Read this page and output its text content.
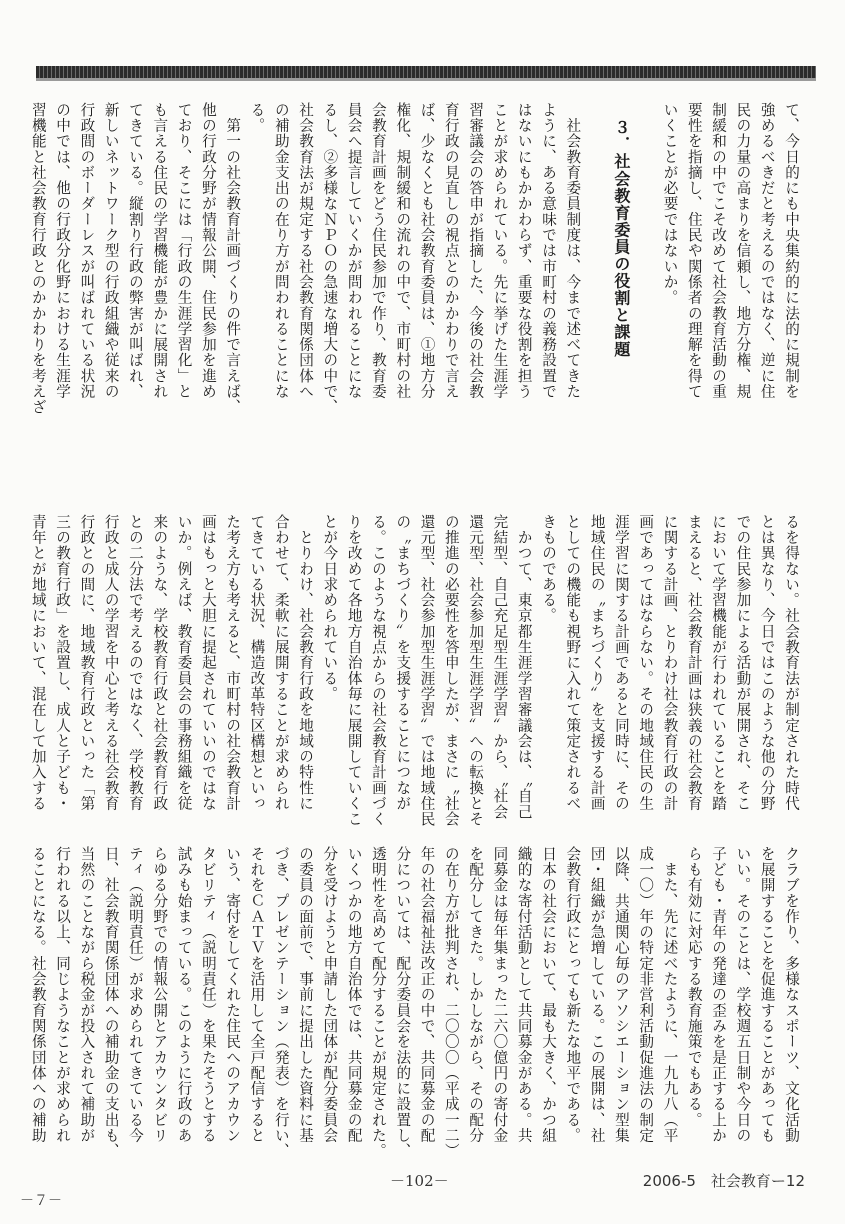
て、今日的にも中央集約的に法的に規制を
強めるべきだと考えるのではなく、逆に住
民の力量の高まりを信頼し、地方分権、規
制緩和の中でこそ改めて社会教育活動の重
要性を指摘し、住民や関係者の理解を得て
いくことが必要ではないか。

　３．社会教育委員の役割と課題

　社会教育委員制度は、今まで述べてきた
ように、ある意味では市町村の義務設置で
はないにもかかわらず、重要な役割を担う
ことが求められている。先に挙げた生涯学
習審議会の答申が指摘した、今後の社会教
育行政の見直しの視点とのかかわりで言え
ば、少なくとも社会教育委員は、①地方分
権化、規制緩和の流れの中で、市町村の社
会教育計画をどう住民参加で作り、教育委
員会へ提言していくかが問われることにな
るし、②多様なＮＰＯの急速な増大の中で、
社会教育法が規定する社会教育関係団体へ
の補助金支出の在り方が問われることにな
る。
　第一の社会教育計画づくりの件で言えば、
他の行政分野が情報公開、住民参加を進め
ており、そこには「行政の生涯学習化」と
も言える住民の学習機能が豊かに展開され
てきている。縦割り行政の弊害が叫ばれ、
新しいネットワーク型の行政組織や従来の
行政間のボーダーレスが叫ばれている状況
の中では、他の行政分化野における生涯学
習機能と社会教育行政とのかかわりを考えざ
るを得ない。社会教育法が制定された時代
とは異なり、今日ではこのような他の分野
での住民参加による活動が展開され、そこ
において学習機能が行われていることを踏
まえると、社会教育計画は狭義の社会教育
に関する計画、とりわけ社会教育行政の計
画であってはならない。その地域住民の生
涯学習に関する計画であると同時に、その
地域住民の〝まちづくり〟を支援する計画
としての機能も視野に入れて策定されるべ
きものである。
　かつて、東京都生涯学習審議会は、〝自己
完結型、自己充足型生涯学習〟から、〝社会
還元型、社会参加型生涯学習〟への転換とそ
の推進の必要性を答申したが、まさに〝社会
還元型、社会参加型生涯学習〟では地域住民
の〝まちづくり〟を支援することにつなが
る。このような視点からの社会教育計画づく
りを改めて各地方自治体毎に展開していくこ
とが今日求められている。
　とりわけ、社会教育行政を地域の特性に
合わせて、柔軟に展開することが求められ
てきている状況、構造改革特区構想といっ
た考え方も考えると、市町村の社会教育計
画はもっと大胆に提起されていいのではな
いか。例えば、教育委員会の事務組織を従
来のような、学校教育行政と社会教育行政
との二分法で考えるのではなく、学校教育
行政と成人の学習を中心と考える社会教育
行政との間に、地域教育行政といった「第
三の教育行政」を設置し、成人と子ども・
青年とが地域において、混在して加入する
クラブを作り、多様なスポーツ、文化活動
を展開することを促進することがあっても
いい。そのことは、学校週五日制や今日の
子ども・青年の発達の歪みを是正する上か
らも有効に対応する教育施策でもある。
　また、先に述べたように、一九九八（平
成一〇）年の特定非営利活動促進法の制定
以降、共通関心毎のアソシエーション型集
団・組織が急増している。この展開は、社
会教育行政にとっても新たな地平である。
日本の社会において、最も大きく、かつ組
織的な寄付活動として共同募金がある。共
同募金は毎年集まった二六〇億円の寄付金
を配分してきた。しかしながら、その配分
の在り方が批判され、二〇〇〇（平成一二）
年の社会福祉法改正の中で、共同募金の配
分については、配分委員会を法的に設置し、
透明性を高めて配分することが規定された。
いくつかの地方自治体では、共同募金の配
分を受けようと申請した団体が配分委員会
の委員の面前で、事前に提出した資料に基
づき、プレゼンテーション（発表）を行い、
それをＣＡＴＶを活用して全戸配信すると
いう、寄付をしてくれた住民へのアカウン
タビリティ（説明責任）を果たそうとする
試みも始まっている。このように行政のあ
らゆる分野での情報公開とアカウンタビリ
ティ（説明責任）が求められてきている今
日、社会教育関係団体への補助金の支出も、
当然のことながら税金が投入されて補助が
行われる以上、同じようなことが求められ
ることになる。社会教育関係団体への補助
－102－	2006-5　社会教育ー12
－７－
